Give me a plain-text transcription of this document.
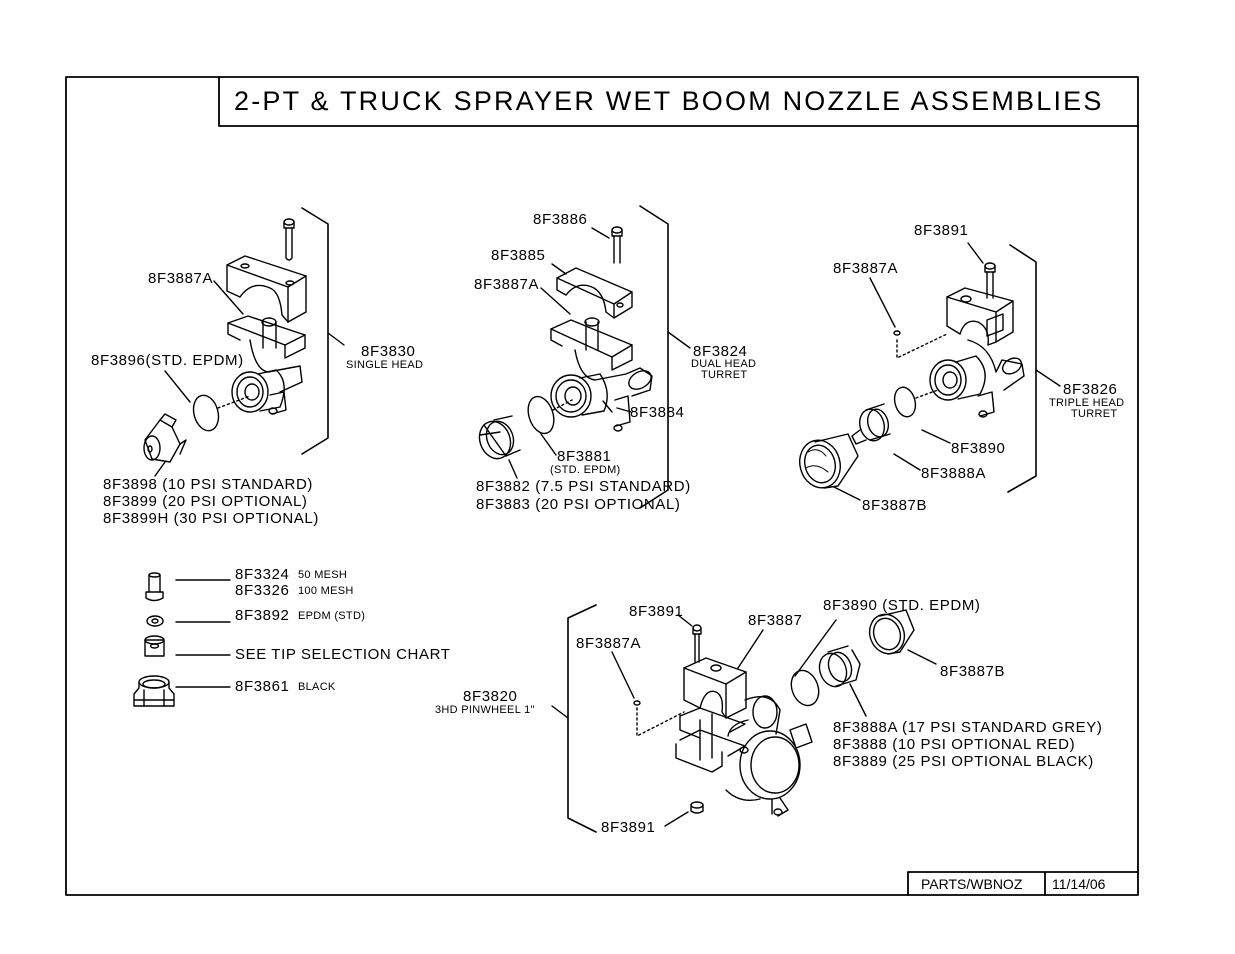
2-PT & TRUCK SPRAYER WET BOOM NOZZLE ASSEMBLIES
8F3887A
8F3896(STD. EPDM)
8F3830
SINGLE HEAD
8F3898 (10 PSI STANDARD)
8F3899 (20 PSI OPTIONAL)
8F3899H (30 PSI OPTIONAL)
8F3886
8F3885
8F3887A
8F3824
DUAL HEAD
TURRET
8F3884
8F3881
(STD. EPDM)
8F3882 (7.5 PSI STANDARD)
8F3883 (20 PSI OPTIONAL)
8F3891
8F3887A
8F3826
TRIPLE HEAD
TURRET
8F3890
8F3888A
8F3887B
8F3324 50 MESH
8F3326 100 MESH
8F3892 EPDM (STD)
SEE TIP SELECTION CHART
8F3861 BLACK
8F3891	8F3890 (STD. EPDM)
8F3887
8F3887A
8F3887B
8F3820
3HD PINWHEEL 1"
8F3888A (17 PSI STANDARD GREY)
8F3888 (10 PSI OPTIONAL RED)
8F3889 (25 PSI OPTIONAL BLACK)
8F3891
PARTS/WBNOZ 11/14/06
